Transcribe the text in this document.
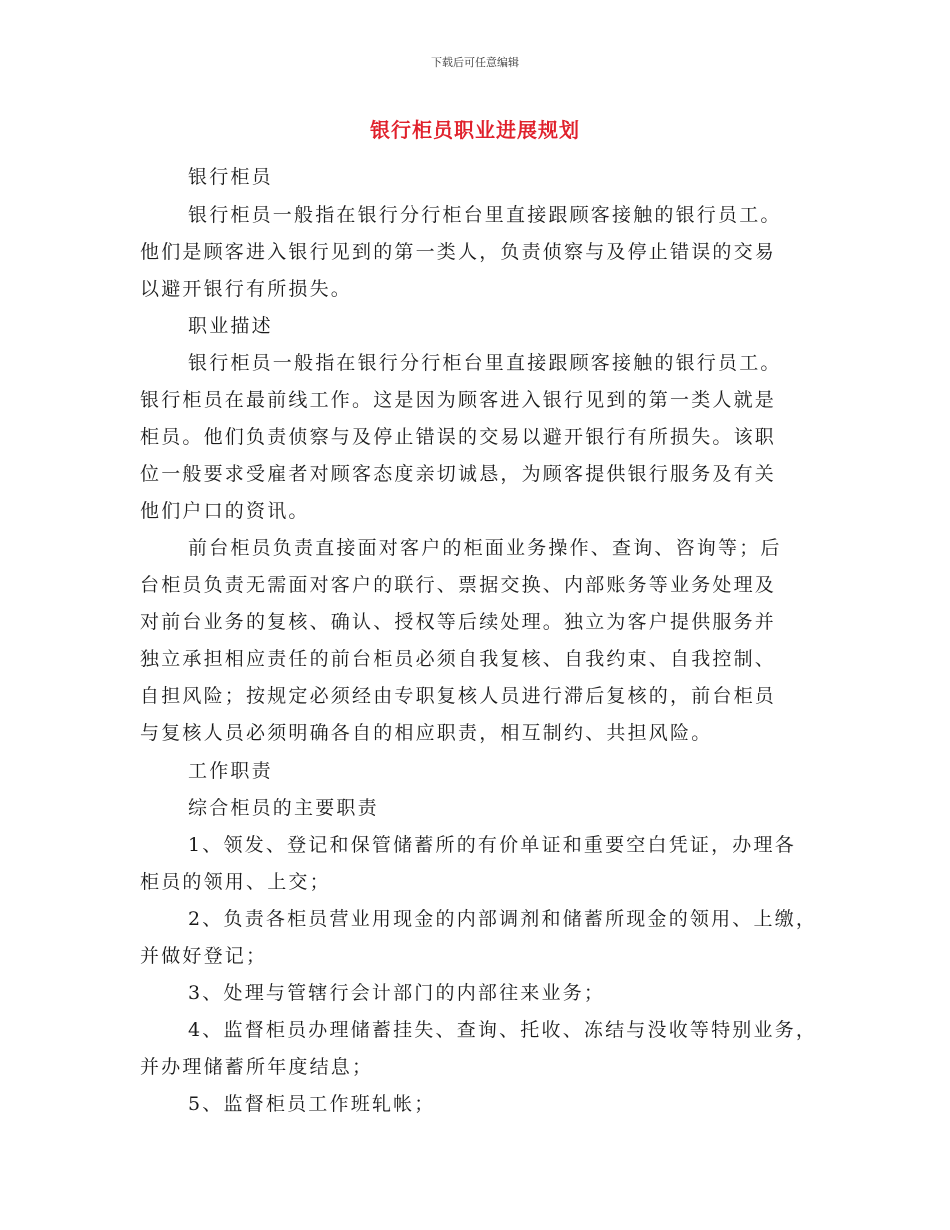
下载后可任意编辑
银行柜员职业进展规划
银行柜员
银行柜员一般指在银行分行柜台里直接跟顾客接触的银行员工。
他们是顾客进入银行见到的第一类人，负责侦察与及停止错误的交易
以避开银行有所损失。
职业描述
银行柜员一般指在银行分行柜台里直接跟顾客接触的银行员工。
银行柜员在最前线工作。这是因为顾客进入银行见到的第一类人就是
柜员。他们负责侦察与及停止错误的交易以避开银行有所损失。该职
位一般要求受雇者对顾客态度亲切诚恳，为顾客提供银行服务及有关
他们户口的资讯。
前台柜员负责直接面对客户的柜面业务操作、查询、咨询等；后
台柜员负责无需面对客户的联行、票据交换、内部账务等业务处理及
对前台业务的复核、确认、授权等后续处理。独立为客户提供服务并
独立承担相应责任的前台柜员必须自我复核、自我约束、自我控制、
自担风险；按规定必须经由专职复核人员进行滞后复核的，前台柜员
与复核人员必须明确各自的相应职责，相互制约、共担风险。
工作职责
综合柜员的主要职责
1、领发、登记和保管储蓄所的有价单证和重要空白凭证，办理各
柜员的领用、上交；
2、负责各柜员营业用现金的内部调剂和储蓄所现金的领用、上缴，
并做好登记；
3、处理与管辖行会计部门的内部往来业务；
4、监督柜员办理储蓄挂失、查询、托收、冻结与没收等特别业务，
并办理储蓄所年度结息；
5、监督柜员工作班轧帐；
